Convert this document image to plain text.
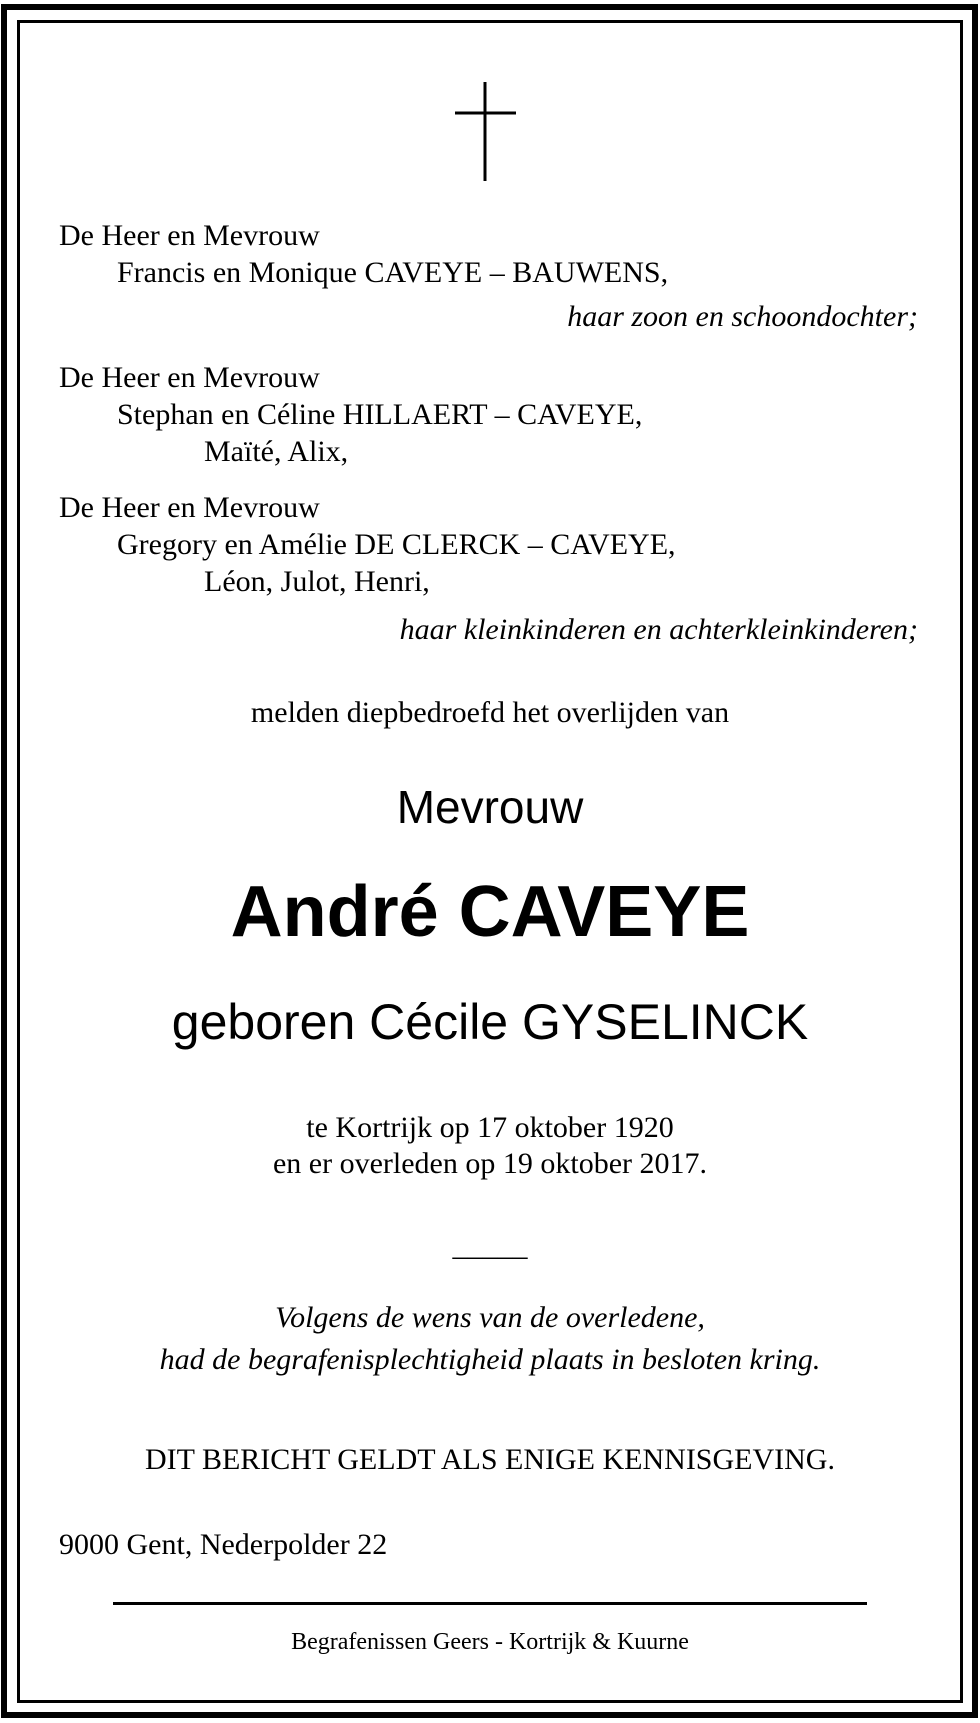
De Heer en Mevrouw
Francis en Monique CAVEYE – BAUWENS,
haar zoon en schoondochter;
De Heer en Mevrouw
Stephan en Céline HILLAERT – CAVEYE,
Maïté, Alix,
De Heer en Mevrouw
Gregory en Amélie DE CLERCK – CAVEYE,
Léon, Julot, Henri,
haar kleinkinderen en achterkleinkinderen;
melden diepbedroefd het overlijden van
Mevrouw
André CAVEYE
geboren Cécile GYSELINCK
te Kortrijk op 17 oktober 1920
en er overleden op 19 oktober 2017.
_____
Volgens de wens van de overledene,
had de begrafenisplechtigheid plaats in besloten kring.
DIT BERICHT GELDT ALS ENIGE KENNISGEVING.
9000 Gent, Nederpolder 22
Begrafenissen Geers - Kortrijk & Kuurne
